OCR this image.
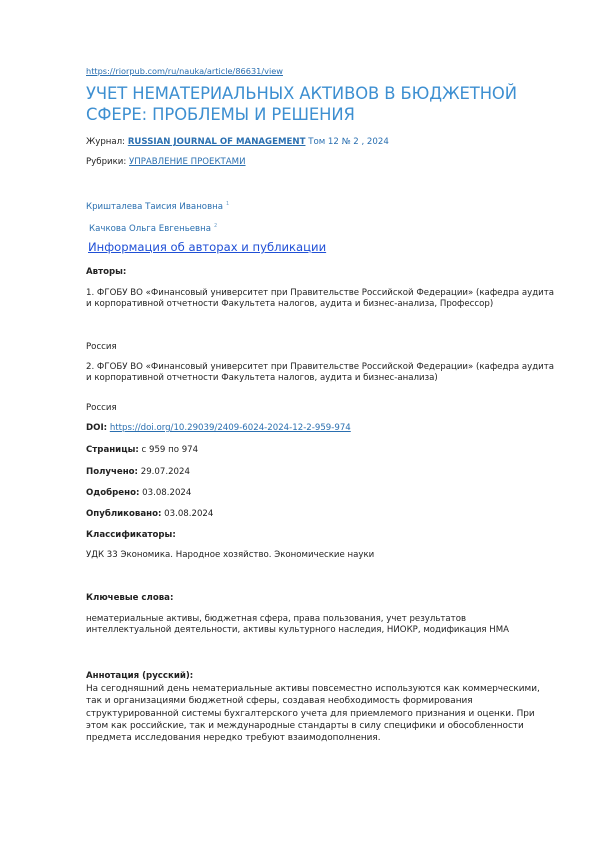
https://riorpub.com/ru/nauka/article/86631/view
УЧЕТ НЕМАТЕРИАЛЬНЫХ АКТИВОВ В БЮДЖЕТНОЙ СФЕРЕ: ПРОБЛЕМЫ И РЕШЕНИЯ
Журнал: RUSSIAN JOURNAL OF MANAGEMENT Том 12 № 2 , 2024
Рубрики: УПРАВЛЕНИЕ ПРОЕКТАМИ
Кришталева Таисия Ивановна $^1$
Качкова Ольга Евгеньевна $^2$
Информация об авторах и публикации
Авторы:
1. ФГОБУ ВО «Финансовый университет при Правительстве Российской Федерации» (кафедра аудита и корпоративной отчетности Факультета налогов, аудита и бизнес-анализа, Профессор)
Россия
2. ФГОБУ ВО «Финансовый университет при Правительстве Российской Федерации» (кафедра аудита и корпоративной отчетности Факультета налогов, аудита и бизнес-анализа)
Россия
DOI: https://doi.org/10.29039/2409-6024-2024-12-2-959-974
Страницы: с 959 по 974
Получено: 29.07.2024
Одобрено: 03.08.2024
Опубликовано: 03.08.2024
Классификаторы:
УДК 33 Экономика. Народное хозяйство. Экономические науки
Ключевые слова:
нематериальные активы, бюджетная сфера, права пользования, учет результатов интеллектуальной деятельности, активы культурного наследия, НИОКР, модификация НМА
Аннотация (русский):
На сегодняшний день нематериальные активы повсеместно используются как коммерческими, так и организациями бюджетной сферы, создавая необходимость формирования структурированной системы бухгалтерского учета для приемлемого признания и оценки. При этом как российские, так и международные стандарты в силу специфики и обособленности предмета исследования нередко требуют взаимодополнения.
